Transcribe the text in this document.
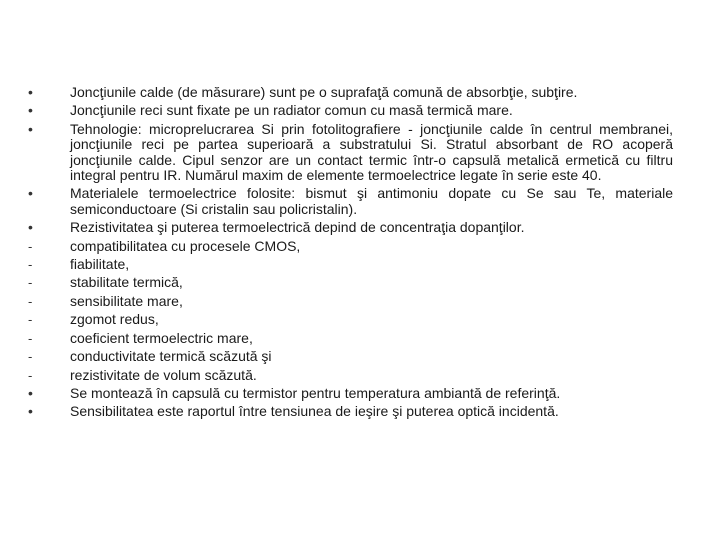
•	Joncţiunile calde (de măsurare) sunt pe o suprafaţă comună de absorbţie, subţire.
•	Joncţiunile reci sunt fixate pe un radiator comun cu masă termică mare.
•	Tehnologie: microprelucrarea Si prin fotolitografiere - joncţiunile calde în centrul membranei, joncţiunile reci pe partea superioară a substratului Si. Stratul absorbant de RO acoperă joncţiunile calde. Cipul senzor are un contact termic într-o capsulă metalică ermetică cu filtru integral pentru IR. Numărul maxim de elemente termoelectrice legate în serie este 40.
•	Materialele termoelectrice folosite: bismut şi antimoniu dopate cu Se sau Te, materiale semiconductoare (Si cristalin sau policristalin).
•	Rezistivitatea şi puterea termoelectrică depind de concentraţia dopanţilor.
-	compatibilitatea cu procesele CMOS,
-	fiabilitate,
-	stabilitate termică,
-	sensibilitate mare,
-	zgomot redus,
-	coeficient termoelectric mare,
-	conductivitate termică scăzută şi
-	rezistivitate de volum scăzută.
•	Se montează în capsulă cu termistor pentru temperatura ambiantă de referinţă.
•	Sensibilitatea este raportul între tensiunea de ieşire şi puterea optică incidentă.
